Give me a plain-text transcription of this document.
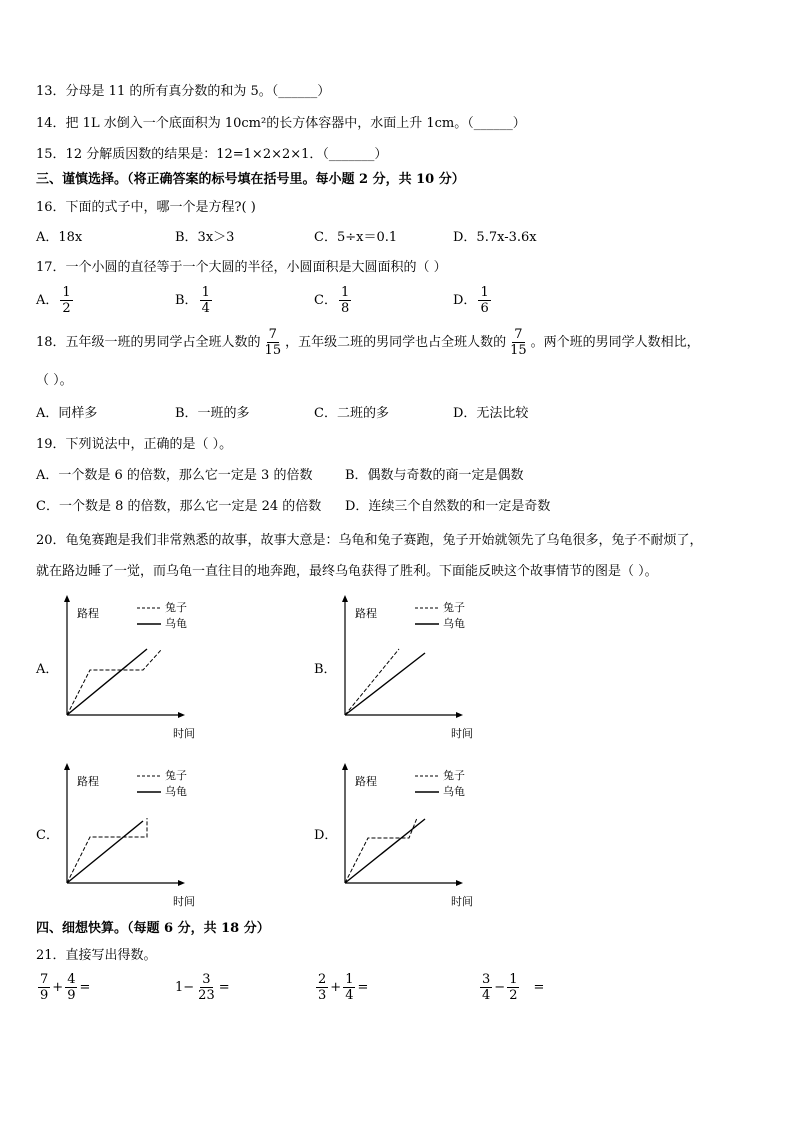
13．分母是 11 的所有真分数的和为 5。（______）
14．把 1L 水倒入一个底面积为 10cm²的长方体容器中，水面上升 1cm。（______）
15．12 分解质因数的结果是：12=1×2×2×1．（_______）
三、谨慎选择。（将正确答案的标号填在括号里。每小题 2 分，共 10 分）
16．下面的式子中，哪一个是方程?( )
A．18x	B．3x＞3	C．5÷x＝0.1	D．5.7x-3.6x
17．一个小圆的直径等于一个大圆的半径，小圆面积是大圆面积的（ ）
A． $\frac{1}{2}$	B． $\frac{1}{4}$	C． $\frac{1}{8}$	D． $\frac{1}{6}$
18．五年级一班的男同学占全班人数的 $\frac{7}{15}$ ，五年级二班的男同学也占全班人数的 $\frac{7}{15}$ 。两个班的男同学人数相比，
（ ）。
A．同样多	B．一班的多	C．二班的多	D．无法比较
19．下列说法中，正确的是（ ）。
A．一个数是 6 的倍数，那么它一定是 3 的倍数	B．偶数与奇数的商一定是偶数
C．一个数是 8 的倍数，那么它一定是 24 的倍数 D．连续三个自然数的和一定是奇数
20．龟兔赛跑是我们非常熟悉的故事，故事大意是：乌龟和兔子赛跑，兔子开始就领先了乌龟很多，兔子不耐烦了，
就在路边睡了一觉，而乌龟一直往目的地奔跑，最终乌龟获得了胜利。下面能反映这个故事情节的图是（ ）。
A．
路程
时间
兔子
乌龟
B．
路程
时间
兔子
乌龟
C．
路程
时间
兔子
乌龟
D．
路程
时间
兔子
乌龟
四、细想快算。（每题 6 分，共 18 分）
21．直接写出得数。
$\frac{7}{9} + \frac{4}{9}$ =	$1- \frac{3}{23}$ =	$\frac{2}{3} + \frac{1}{4}$ =	$\frac{3}{4} - \frac{1}{2}$ =
